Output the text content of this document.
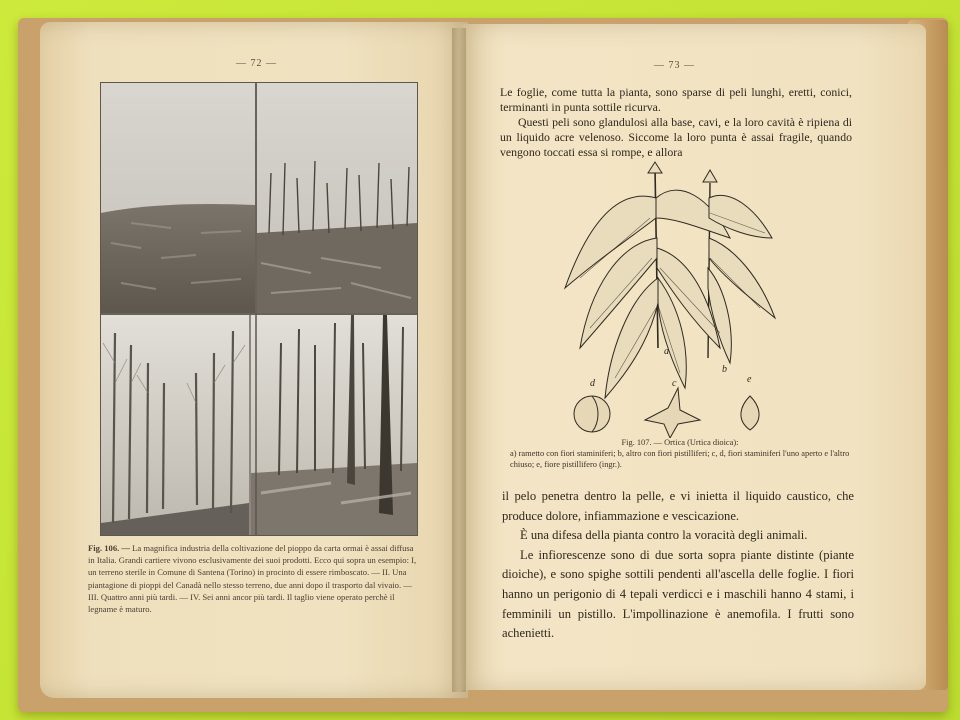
— 72 —
Fig. 106. — La magnifica industria della coltivazione del pioppo da carta ormai è assai diffusa in Italia. Grandi cartiere vivono esclusivamente dei suoi prodotti. Ecco qui sopra un esempio: I, un terreno sterile in Comune di Santena (Torino) in procinto di essere rimboscato. — II. Una piantagione di pioppi del Canadà nello stesso terreno, due anni dopo il trasporto dal vivaio. — III. Quattro anni più tardi. — IV. Sei anni ancor più tardi. Il taglio viene operato perchè il legname è maturo.
— 73 —

Le foglie, come tutta la pianta, sono sparse di peli lunghi, eretti, conici, terminanti in punta sottile ricurva.

Questi peli sono glandulosi alla base, cavi, e la loro cavità è ripiena di un liquido acre velenoso. Siccome la loro punta è assai fragile, quando vengono toccati essa si rompe, e allora

a
b
d	c	e
Fig. 107. — Ortica (Urtica dioica):
a) rametto con fiori staminiferi; b, altro con fiori pistilliferi; c, d, fiori staminiferi l'uno aperto e l'altro chiuso; e, fiore pistillifero (ingr.).

il pelo penetra dentro la pelle, e vi inietta il liquido caustico, che produce dolore, infiammazione e vescicazione.

È una difesa della pianta contro la voracità degli animali.

Le infiorescenze sono di due sorta sopra piante distinte (piante dioiche), e sono spighe sottili pendenti all'ascella delle foglie. I fiori hanno un perigonio di 4 tepali verdicci e i maschili hanno 4 stami, i femminili un pistillo. L'impollinazione è anemofila. I frutti sono achenietti.
